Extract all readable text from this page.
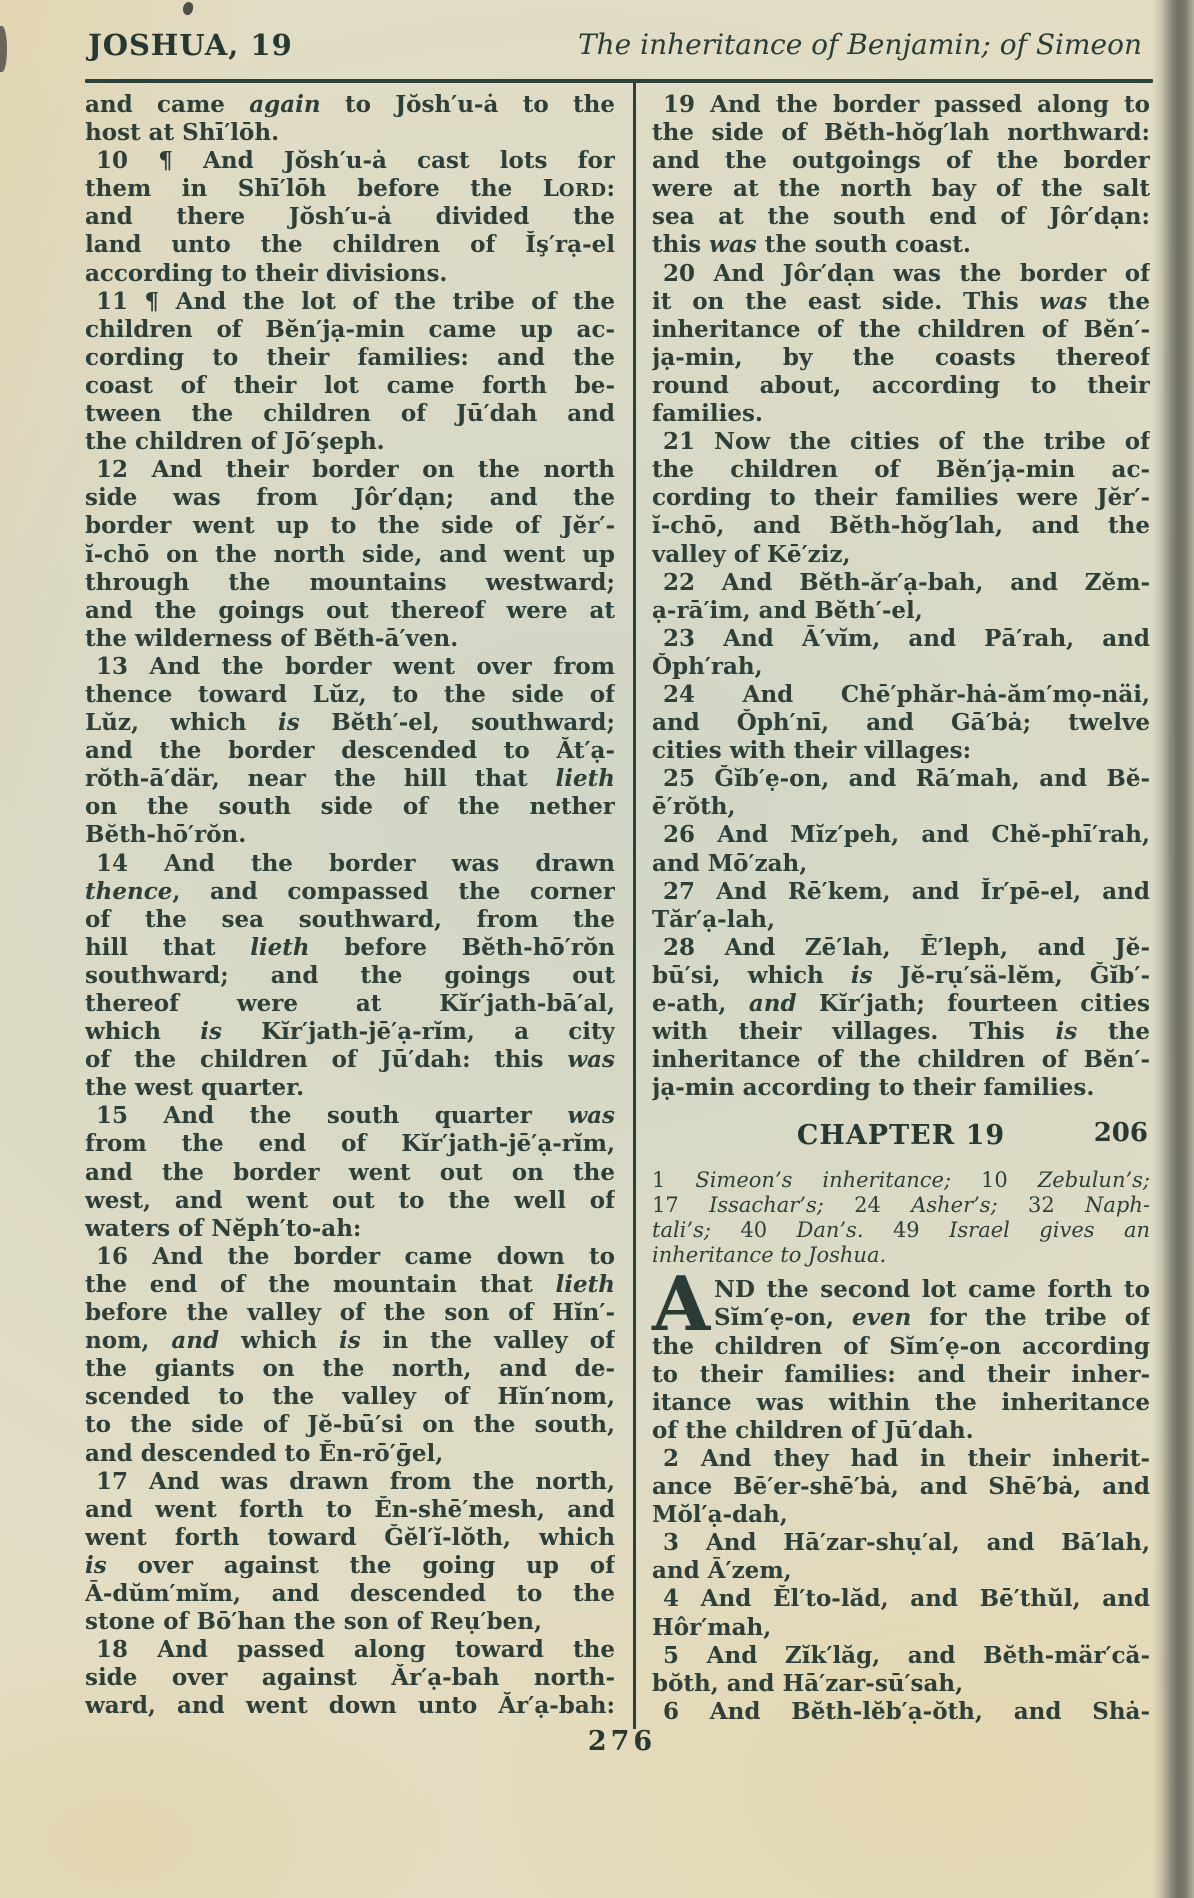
JOSHUA, 19	The inheritance of Benjamin; of Simeon

and came again to Jŏsh′u-ȧ to the
host at Shī′lōh.

10 ¶ And Jŏsh′u-ȧ cast lots for
them in Shī′lōh before the LORD:
and there Jŏsh′u-ȧ divided the
land unto the children of Ĭş′rạ-el
according to their divisions.

11 ¶ And the lot of the tribe of the
children of Bĕn′jạ-min came up ac-
cording to their families: and the
coast of their lot came forth be-
tween the children of Jū′dah and
the children of Jō′şeph.

12 And their border on the north
side was from Jôr′dạn; and the
border went up to the side of Jĕr′-
ĭ-chō on the north side, and went up
through the mountains westward;
and the goings out thereof were at
the wilderness of Bĕth-ā′ven.

13 And the border went over from
thence toward Lŭz, to the side of
Lŭz, which is Bĕth′-el, southward;
and the border descended to Ăt′ạ-
rŏth-ā′där, near the hill that lieth
on the south side of the nether
Bĕth-hō′rŏn.

14 And the border was drawn
thence, and compassed the corner
of the sea southward, from the
hill that lieth before Bĕth-hō′rŏn
southward; and the goings out
thereof were at Kĭr′jath-bā′al,
which is Kĭr′jath-jē′ạ-rĭm, a city
of the children of Jū′dah: this was
the west quarter.

15 And the south quarter was
from the end of Kĭr′jath-jē′ạ-rĭm,
and the border went out on the
west, and went out to the well of
waters of Nĕph′to-ah:

16 And the border came down to
the end of the mountain that lieth
before the valley of the son of Hĭn′-
nom, and which is in the valley of
the giants on the north, and de-
scended to the valley of Hĭn′nom,
to the side of Jĕ-bū′si on the south,
and descended to Ĕn-rō′ḡel,

17 And was drawn from the north,
and went forth to Ĕn-shē′mesh, and
went forth toward Ğĕl′ĭ-lŏth, which
is over against the going up of
Ā-dŭm′mĭm, and descended to the
stone of Bō′han the son of Reụ′ben,

18 And passed along toward the
side over against Ăr′ạ-bah north-
ward, and went down unto Ăr′ạ-bah:

19 And the border passed along to
the side of Bĕth-hŏg′lah northward:
and the outgoings of the border
were at the north bay of the salt
sea at the south end of Jôr′dạn:
this was the south coast.

20 And Jôr′dạn was the border of
it on the east side. This was the
inheritance of the children of Bĕn′-
jạ-min, by the coasts thereof
round about, according to their
families.

21 Now the cities of the tribe of
the children of Bĕn′jạ-min ac-
cording to their families were Jĕr′-
ĭ-chō, and Bĕth-hŏg′lah, and the
valley of Kē′ziz,

22 And Bĕth-ăr′ạ-bah, and Zĕm-
ạ-rā′im, and Bĕth′-el,

23 And Ā′vĭm, and Pā′rah, and
Ŏph′rah,

24 And Chē′phăr-hȧ-ăm′mọ-näi,
and Ŏph′nī, and Gā′bȧ; twelve
cities with their villages:

25 Ğĭb′ẹ-on, and Rā′mah, and Bĕ-
ē′rŏth,

26 And Mĭz′peh, and Chĕ-phī′rah,
and Mō′zah,

27 And Rē′kem, and Ĭr′pē-el, and
Tăr′ạ-lah,

28 And Zē′lah, Ē′leph, and Jĕ-
bū′si, which is Jĕ-rụ′sä-lĕm, Ğĭb′-
e-ath, and Kĭr′jath; fourteen cities
with their villages. This is the
inheritance of the children of Bĕn′-
jạ-min according to their families.

CHAPTER 19	206

1 Simeon’s inheritance; 10 Zebulun’s;
17 Issachar’s; 24 Asher’s; 32 Naph-
tali’s; 40 Dan’s. 49 Israel gives an
inheritance to Joshua.

A ND the second lot came forth to
Sĭm′ẹ-on, even for the tribe of
the children of Sĭm′ẹ-on according
to their families: and their inher-
itance was within the inheritance
of the children of Jū′dah.

2 And they had in their inherit-
ance Bē′er-shē′bȧ, and Shē′bȧ, and
Mŏl′ạ-dah,

3 And Hā′zar-shụ′al, and Bā′lah,
and Ā′zem,

4 And Ĕl′to-lăd, and Bē′thŭl, and
Hôr′mah,

5 And Zĭk′lăg, and Bĕth-mär′că-
bŏth, and Hā′zar-sū′sah,

6 And Bĕth-lĕb′ạ-ŏth, and Shȧ-

276
